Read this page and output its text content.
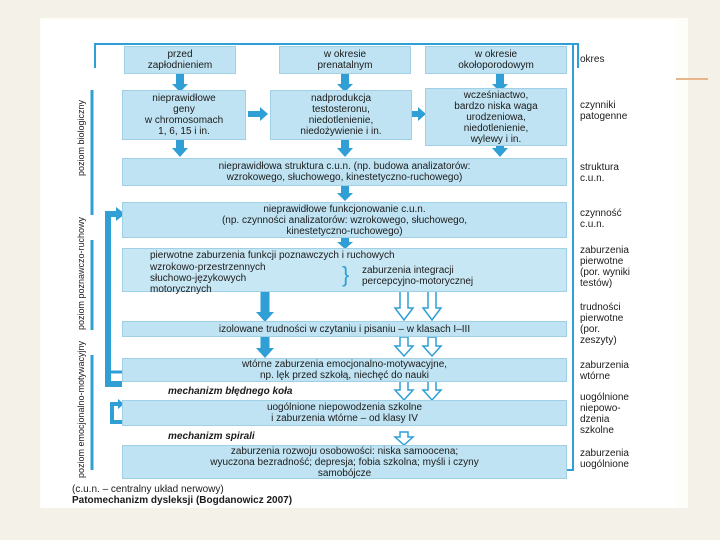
przed
zapłodnieniem
w okresie
prenatalnym
w okresie
okołoporodowym
nieprawidłowe
geny
w chromosomach
1, 6, 15 i in.
nadprodukcja
testosteronu,
niedotlenienie,
niedożywienie i in.
wcześniactwo,
bardzo niska waga
urodzeniowa,
niedotlenienie,
wylewy i in.
nieprawidłowa struktura c.u.n. (np. budowa analizatorów:
wzrokowego, słuchowego, kinestetyczno-ruchowego)
nieprawidłowe funkcjonowanie c.u.n.
(np. czynności analizatorów: wzrokowego, słuchowego,
kinestetyczno-ruchowego)
pierwotne zaburzenia funkcji poznawczych i ruchowych
wzrokowo-przestrzennych
słuchowo-językowych
motorycznych
} zaburzenia integracji
percepcyjno-motorycznej
izolowane trudności w czytaniu i pisaniu – w klasach I–III
wtórne zaburzenia emocjonalno-motywacyjne,
np. lęk przed szkołą, niechęć do nauki
mechanizm błędnego koła
uogólnione niepowodzenia szkolne
i zaburzenia wtórne – od klasy IV
mechanizm spirali
zaburzenia rozwoju osobowości: niska samoocena;
wyuczona bezradność; depresja; fobia szkolna; myśli i czyny
samobójcze
poziom biologiczny
poziom poznawczo-ruchowy
poziom emocjonalno-motywacyjny
okres
czynniki
patogenne
struktura
c.u.n.
czynność
c.u.n.
zaburzenia
pierwotne
(por. wyniki
testów)
trudności
pierwotne
(por.
zeszyty)
zaburzenia
wtórne
uogólnione
niepowo-
dzenia
szkolne
zaburzenia
uogólnione
(c.u.n. – centralny układ nerwowy)
Patomechanizm dysleksji (Bogdanowicz 2007)
